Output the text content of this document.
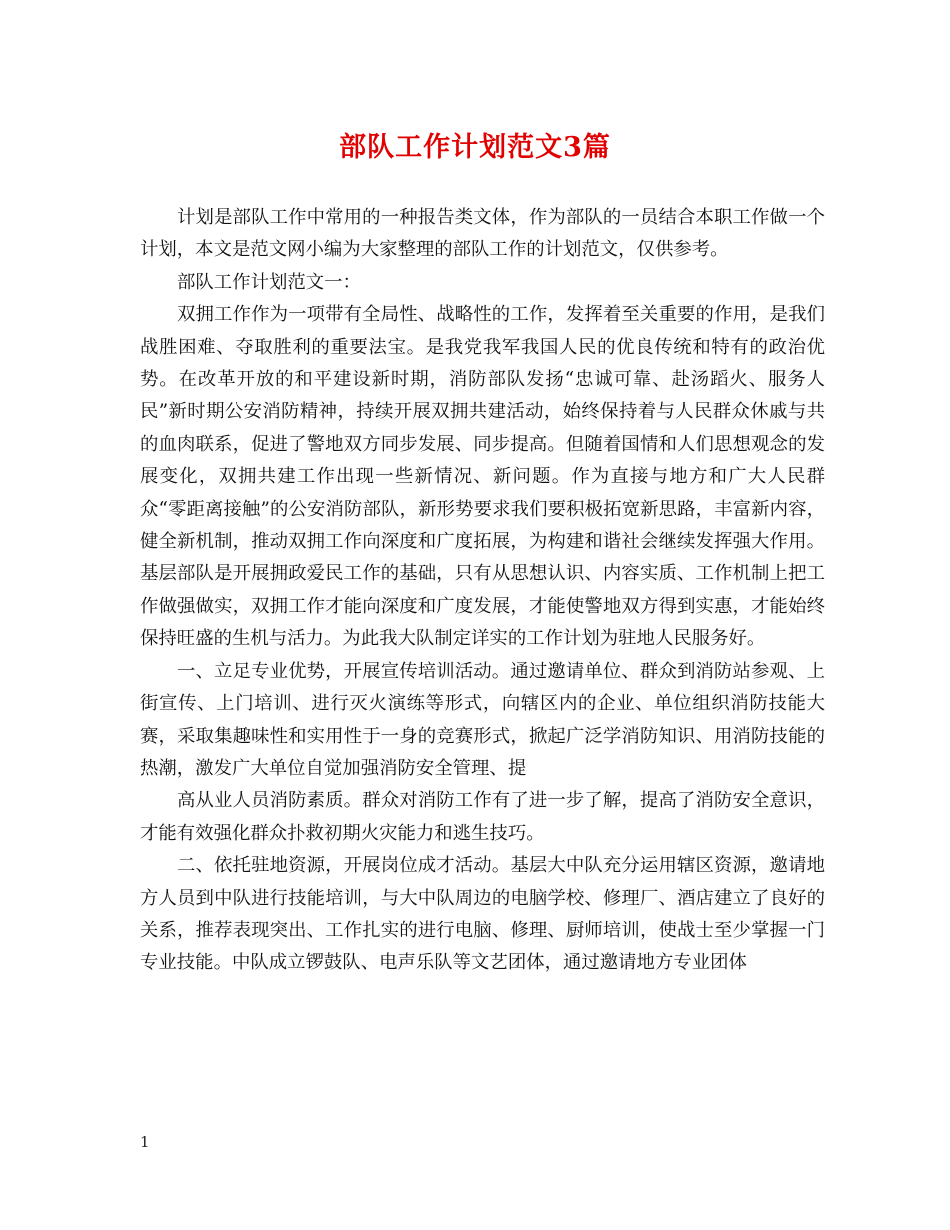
部队工作计划范文3篇

计划是部队工作中常用的一种报告类文体，作为部队的一员结合本职工作做一个计划，本文是范文网小编为大家整理的部队工作的计划范文，仅供参考。

部队工作计划范文一：

双拥工作作为一项带有全局性、战略性的工作，发挥着至关重要的作用，是我们战胜困难、夺取胜利的重要法宝。是我党我军我国人民的优良传统和特有的政治优势。在改革开放的和平建设新时期，消防部队发扬“忠诚可靠、赴汤蹈火、服务人民”新时期公安消防精神，持续开展双拥共建活动，始终保持着与人民群众休戚与共的血肉联系，促进了警地双方同步发展、同步提高。但随着国情和人们思想观念的发展变化，双拥共建工作出现一些新情况、新问题。作为直接与地方和广大人民群众“零距离接触”的公安消防部队，新形势要求我们要积极拓宽新思路，丰富新内容，健全新机制，推动双拥工作向深度和广度拓展，为构建和谐社会继续发挥强大作用。基层部队是开展拥政爱民工作的基础，只有从思想认识、内容实质、工作机制上把工作做强做实，双拥工作才能向深度和广度发展，才能使警地双方得到实惠，才能始终保持旺盛的生机与活力。为此我大队制定详实的工作计划为驻地人民服务好。

一、立足专业优势，开展宣传培训活动。通过邀请单位、群众到消防站参观、上街宣传、上门培训、进行灭火演练等形式，向辖区内的企业、单位组织消防技能大赛，采取集趣味性和实用性于一身的竞赛形式，掀起广泛学消防知识、用消防技能的热潮，激发广大单位自觉加强消防安全管理、提

高从业人员消防素质。群众对消防工作有了进一步了解，提高了消防安全意识，才能有效强化群众扑救初期火灾能力和逃生技巧。

二、依托驻地资源，开展岗位成才活动。基层大中队充分运用辖区资源，邀请地方人员到中队进行技能培训，与大中队周边的电脑学校、修理厂、酒店建立了良好的关系，推荐表现突出、工作扎实的进行电脑、修理、厨师培训，使战士至少掌握一门专业技能。中队成立锣鼓队、电声乐队等文艺团体，通过邀请地方专业团体

1
